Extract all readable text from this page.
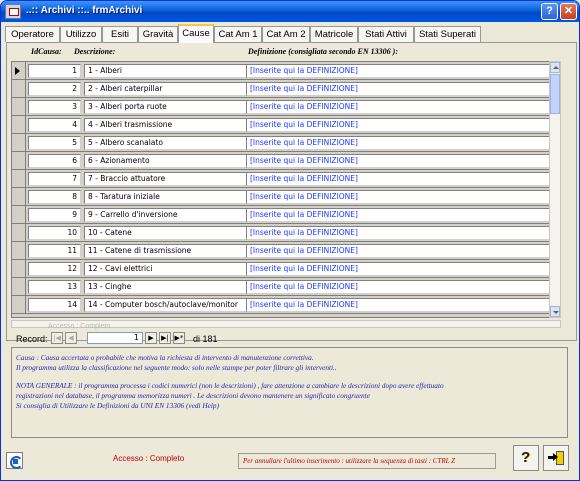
..:: Archivi ::.. frmArchivi	?	✕
Operatore	Utilizzo	Esiti	Gravità Cause Cat Am 1 Cat Am 2 Matricole	Stati Attivi	Stati Superati
IdCausa: Descrizione:	Definizione (consigliata secondo EN 13306 ):
1	1 - Alberi	[Inserite qui la DEFINIZIONE]
2	2 - Alberi caterpillar	[Inserite qui la DEFINIZIONE]
3	3 - Alberi porta ruote	[Inserite qui la DEFINIZIONE]
4	4 - Alberi trasmissione	[Inserite qui la DEFINIZIONE]
5	5 - Albero scanalato	[Inserite qui la DEFINIZIONE]
6	6 - Azionamento	[Inserite qui la DEFINIZIONE]
7	7 - Braccio attuatore	[Inserite qui la DEFINIZIONE]
8	8 - Taratura iniziale	[Inserite qui la DEFINIZIONE]
9	9 - Carrello d'inversione	[Inserite qui la DEFINIZIONE]
10	10 - Catene	[Inserite qui la DEFINIZIONE]
11	11 - Catene di trasmissione	[Inserite qui la DEFINIZIONE]
12	12 - Cavi elettrici	[Inserite qui la DEFINIZIONE]
13	13 - Cinghe	[Inserite qui la DEFINIZIONE]
14	14 - Computer bosch/autoclave/monitor	[Inserite qui la DEFINIZIONE]
Accesso : Completo
Record: |◀	◀	1	▶	▶| ▶* di 181

Causa : Causa accertata o probabile che motiva la richiesta di intervento di manutenzione correttiva.

Il programma utilizza la classificazione nel seguente modo: solo nelle stampe per poter filtrare gli interventi..

NOTA GENERALE : il programma processa i codici numerici (non le descrizioni) , fare attenzione a cambiare le descrizioni dopo avere effettuato

registrazioni nel database, il programma memorizza numeri . Le descrizioni devono mantenere un significato congruente

Si consiglia di Utilizzare le Definizioni da UNI EN 13306 (vedi Help)

Accesso : Completo	Per annullare l'ultimo inserimento : utilizzare la sequenza di tasti : CTRL Z	?
